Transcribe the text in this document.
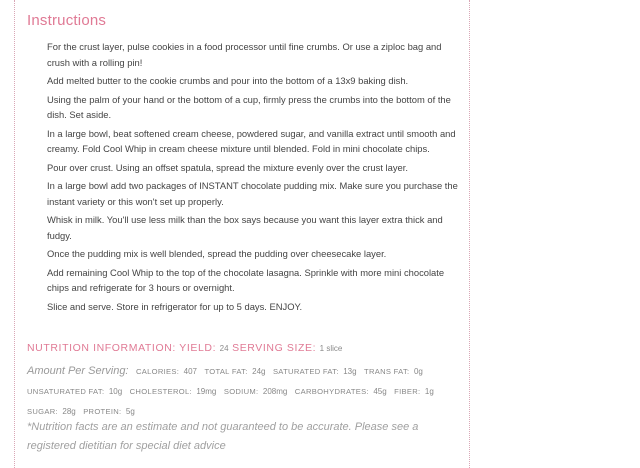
Instructions
For the crust layer, pulse cookies in a food processor until fine crumbs. Or use a ziploc bag and crush with a rolling pin!
Add melted butter to the cookie crumbs and pour into the bottom of a 13x9 baking dish.
Using the palm of your hand or the bottom of a cup, firmly press the crumbs into the bottom of the dish. Set aside.
In a large bowl, beat softened cream cheese, powdered sugar, and vanilla extract until smooth and creamy. Fold Cool Whip in cream cheese mixture until blended. Fold in mini chocolate chips.
Pour over crust. Using an offset spatula, spread the mixture evenly over the crust layer.
In a large bowl add two packages of INSTANT chocolate pudding mix. Make sure you purchase the instant variety or this won't set up properly.
Whisk in milk. You'll use less milk than the box says because you want this layer extra thick and fudgy.
Once the pudding mix is well blended, spread the pudding over cheesecake layer.
Add remaining Cool Whip to the top of the chocolate lasagna. Sprinkle with more mini chocolate chips and refrigerate for 3 hours or overnight.
Slice and serve. Store in refrigerator for up to 5 days. ENJOY.
NUTRITION INFORMATION: YIELD: 24 SERVING SIZE: 1 slice
Amount Per Serving: CALORIES: 407 TOTAL FAT: 24g SATURATED FAT: 13g TRANS FAT: 0g
UNSATURATED FAT: 10g CHOLESTEROL: 19mg SODIUM: 208mg CARBOHYDRATES: 45g FIBER: 1g
SUGAR: 28g PROTEIN: 5g
*Nutrition facts are an estimate and not guaranteed to be accurate. Please see a registered dietitian for special diet advice
